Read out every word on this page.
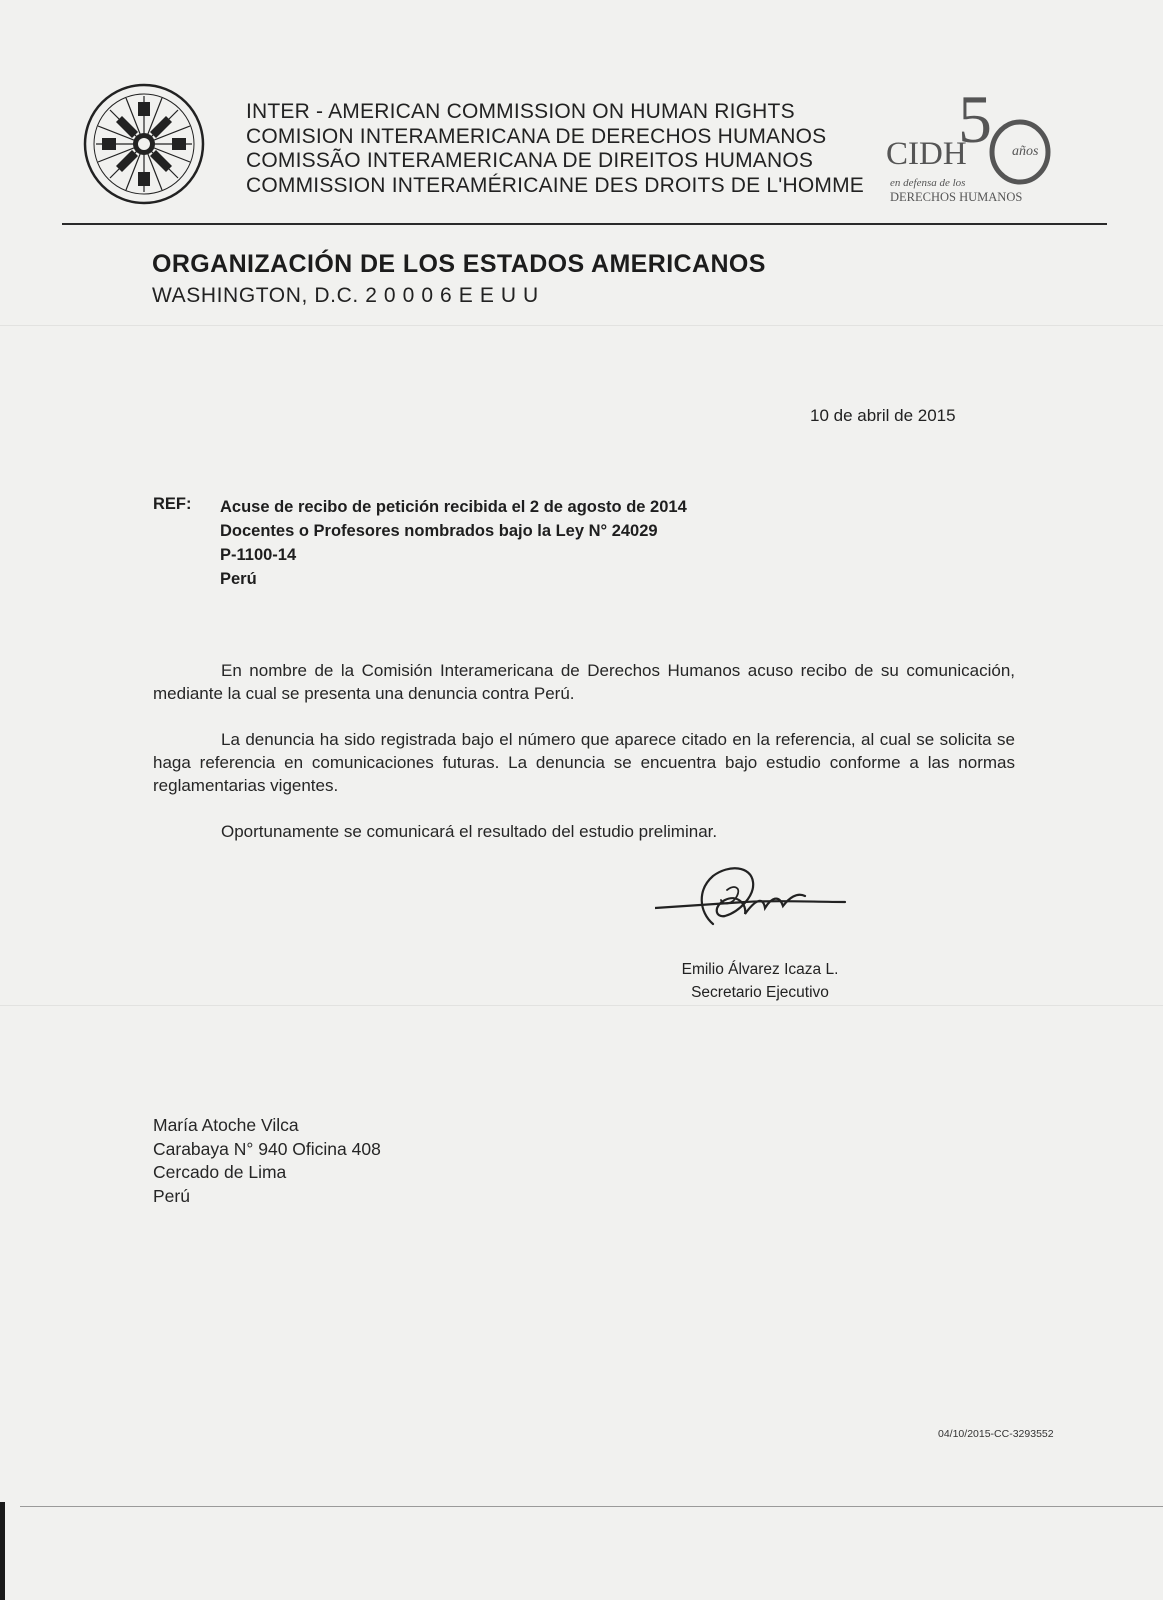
INTER - AMERICAN COMMISSION ON HUMAN RIGHTS
COMISION INTERAMERICANA DE DERECHOS HUMANOS
COMISSÃO INTERAMERICANA DE DIREITOS HUMANOS
COMMISSION INTERAMÉRICAINE DES DROITS DE L'HOMME
5
CIDH	años
en defensa de los
DERECHOS HUMANOS
ORGANIZACIÓN DE LOS ESTADOS AMERICANOS
WASHINGTON, D.C. 2 0 0 0 6 E E U U
10 de abril de 2015
REF: Acuse de recibo de petición recibida el 2 de agosto de 2014
Docentes o Profesores nombrados bajo la Ley N° 24029
P-1100-14
Perú

En nombre de la Comisión Interamericana de Derechos Humanos acuso recibo de su comunicación, mediante la cual se presenta una denuncia contra Perú.

La denuncia ha sido registrada bajo el número que aparece citado en la referencia, al cual se solicita se haga referencia en comunicaciones futuras. La denuncia se encuentra bajo estudio conforme a las normas reglamentarias vigentes.

Oportunamente se comunicará el resultado del estudio preliminar.

Emilio Álvarez Icaza L.
Secretario Ejecutivo
María Atoche Vilca
Carabaya N° 940 Oficina 408
Cercado de Lima
Perú
04/10/2015-CC-3293552
